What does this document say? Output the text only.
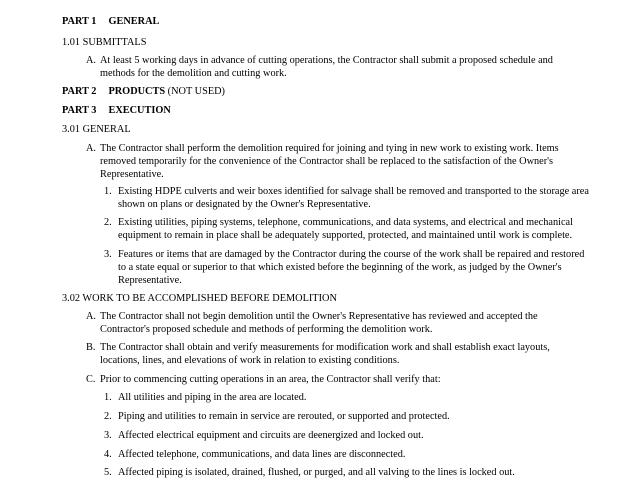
PART 1 GENERAL
1.01 SUBMITTALS
A. At least 5 working days in advance of cutting operations, the Contractor shall submit a proposed schedule and
methods for the demolition and cutting work.
PART 2 PRODUCTS (NOT USED)
PART 3 EXECUTION
3.01 GENERAL
A. The Contractor shall perform the demolition required for joining and tying in new work to existing work. Items
removed temporarily for the convenience of the Contractor shall be replaced to the satisfaction of the Owner's
Representative.
1. Existing HDPE culverts and weir boxes identified for salvage shall be removed and transported to the storage area
shown on plans or designated by the Owner's Representative.
2. Existing utilities, piping systems, telephone, communications, and data systems, and electrical and mechanical
equipment to remain in place shall be adequately supported, protected, and maintained until work is complete.
3. Features or items that are damaged by the Contractor during the course of the work shall be repaired and restored
to a state equal or superior to that which existed before the beginning of the work, as judged by the Owner's
Representative.
3.02 WORK TO BE ACCOMPLISHED BEFORE DEMOLITION
A. The Contractor shall not begin demolition until the Owner's Representative has reviewed and accepted the
Contractor's proposed schedule and methods of performing the demolition work.
B. The Contractor shall obtain and verify measurements for modification work and shall establish exact layouts,
locations, lines, and elevations of work in relation to existing conditions.
C. Prior to commencing cutting operations in an area, the Contractor shall verify that:
1. All utilities and piping in the area are located.
2. Piping and utilities to remain in service are rerouted, or supported and protected.
3. Affected electrical equipment and circuits are deenergized and locked out.
4. Affected telephone, communications, and data lines are disconnected.
5. Affected piping is isolated, drained, flushed, or purged, and all valving to the lines is locked out.
